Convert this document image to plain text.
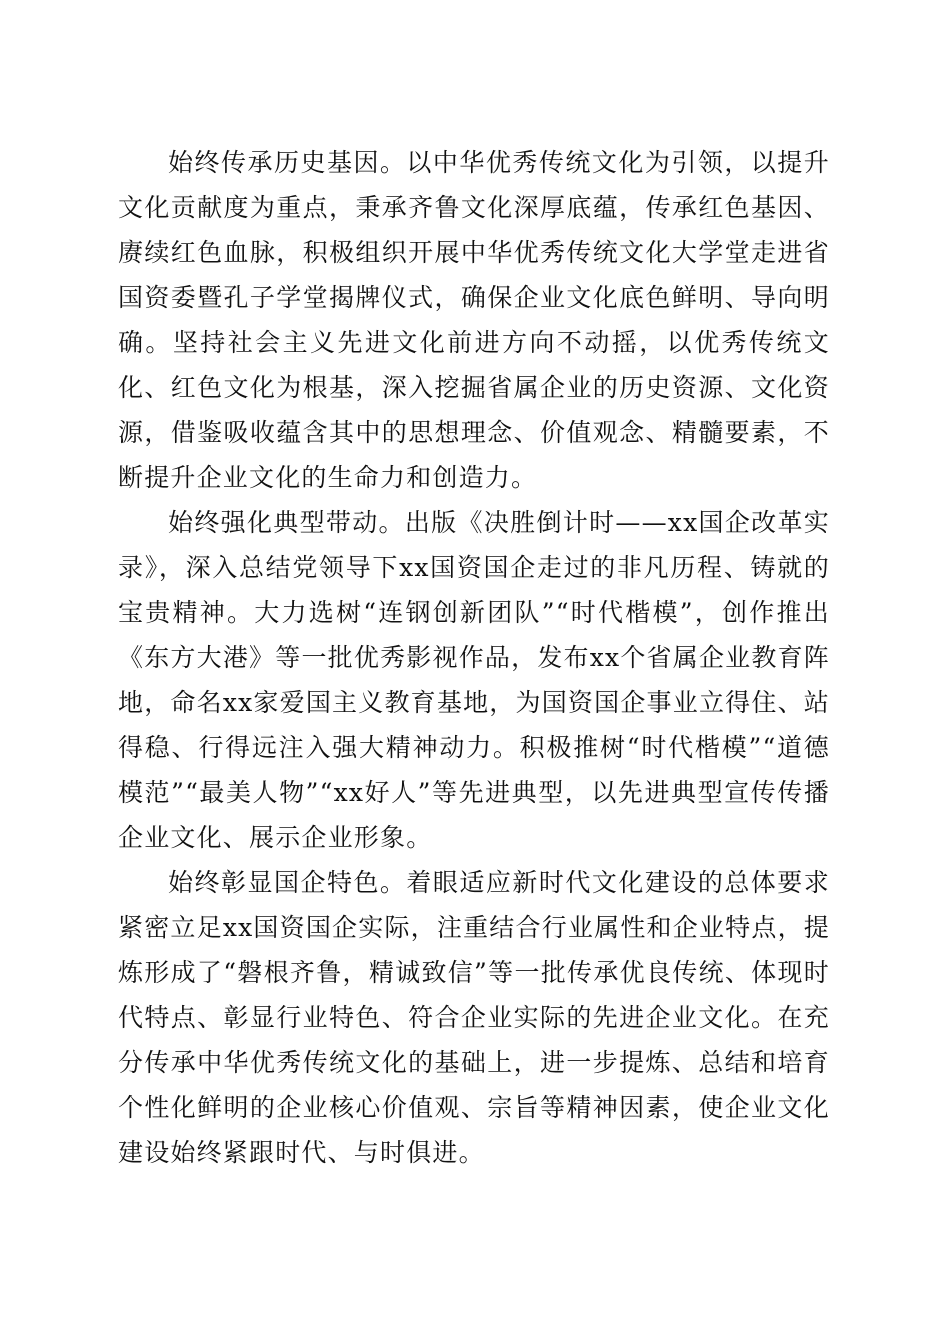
始终传承历史基因。以中华优秀传统文化为引领，以提升文化贡献度为重点，秉承齐鲁文化深厚底蕴，传承红色基因、赓续红色血脉，积极组织开展中华优秀传统文化大学堂走进省国资委暨孔子学堂揭牌仪式，确保企业文化底色鲜明、导向明确。坚持社会主义先进文化前进方向不动摇，以优秀传统文化、红色文化为根基，深入挖掘省属企业的历史资源、文化资源，借鉴吸收蕴含其中的思想理念、价值观念、精髓要素，不断提升企业文化的生命力和创造力。

始终强化典型带动。出版《决胜倒计时——xx国企改革实录》，深入总结党领导下xx国资国企走过的非凡历程、铸就的宝贵精神。大力选树“连钢创新团队”“时代楷模”，创作推出《东方大港》等一批优秀影视作品，发布xx个省属企业教育阵地，命名xx家爱国主义教育基地，为国资国企事业立得住、站得稳、行得远注入强大精神动力。积极推树“时代楷模”“道德模范”“最美人物”“xx好人”等先进典型，以先进典型宣传传播企业文化、展示企业形象。

始终彰显国企特色。着眼适应新时代文化建设的总体要求紧密立足xx国资国企实际，注重结合行业属性和企业特点，提炼形成了“磐根齐鲁，精诚致信”等一批传承优良传统、体现时代特点、彰显行业特色、符合企业实际的先进企业文化。在充分传承中华优秀传统文化的基础上，进一步提炼、总结和培育个性化鲜明的企业核心价值观、宗旨等精神因素，使企业文化建设始终紧跟时代、与时俱进。
